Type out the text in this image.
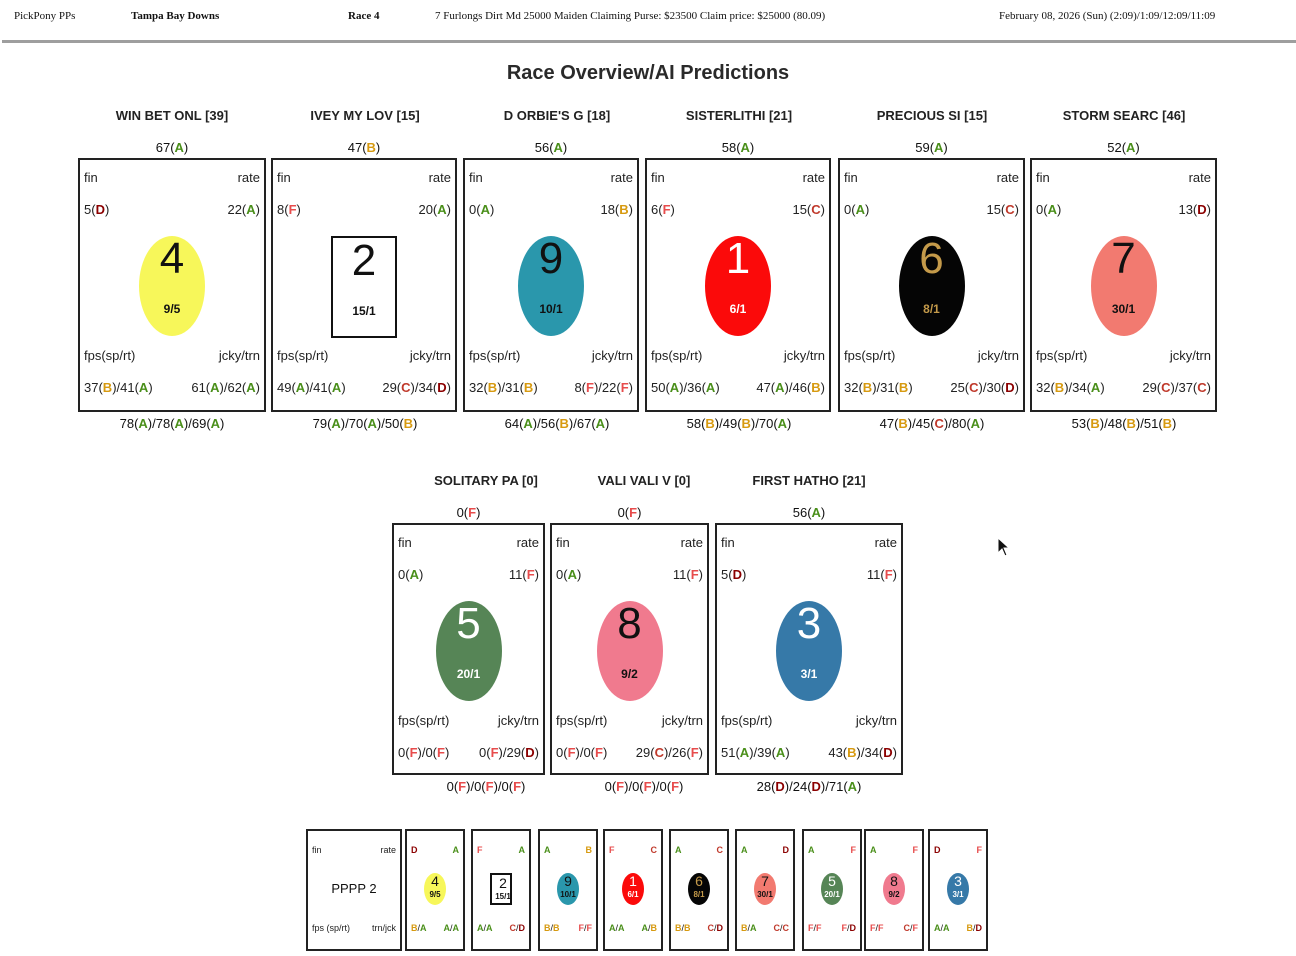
PickPony PPs	Tampa Bay Downs	Race 4	7 Furlongs Dirt Md 25000 Maiden Claiming Purse: $23500 Claim price: $25000 (80.09)	February 08, 2026 (Sun) (2:09)/1:09/12:09/11:09
Race Overview/AI Predictions
WIN BET ONL [39]
67(A)
fin	rate
5(D)	22(A)
4
9/5
fps(sp/rt)	jcky/trn
37(B)/41(A)	61(A)/62(A)
78(A)/78(A)/69(A)
IVEY MY LOV [15]
47(B)
fin	rate
8(F)	20(A)
2
15/1
fps(sp/rt)	jcky/trn
49(A)/41(A)	29(C)/34(D)
79(A)/70(A)/50(B)
D ORBIE'S G [18]
56(A)
fin	rate
0(A)	18(B)
9
10/1
fps(sp/rt)	jcky/trn
32(B)/31(B)	8(F)/22(F)
64(A)/56(B)/67(A)
SISTERLITHI [21]
58(A)
fin	rate
6(F)	15(C)
1
6/1
fps(sp/rt)	jcky/trn
50(A)/36(A)	47(A)/46(B)
58(B)/49(B)/70(A)
PRECIOUS SI [15]
59(A)
fin	rate
0(A)	15(C)
6
8/1
fps(sp/rt)	jcky/trn
32(B)/31(B)	25(C)/30(D)
47(B)/45(C)/80(A)
STORM SEARC [46]
52(A)
fin	rate
0(A)	13(D)
7
30/1
fps(sp/rt)	jcky/trn
32(B)/34(A)	29(C)/37(C)
53(B)/48(B)/51(B)
SOLITARY PA [0]
0(F)
fin	rate
0(A)	11(F)
5
20/1
fps(sp/rt)	jcky/trn
0(F)/0(F) 0(F)/29(D)
0(F)/0(F)/0(F)
VALI VALI V [0]
0(F)
fin	rate
0(A)	11(F)
8
9/2
fps(sp/rt)	jcky/trn
0(F)/0(F) 29(C)/26(F)
0(F)/0(F)/0(F)
FIRST HATHO [21]
56(A)
fin	rate
5(D)	11(F)
3
3/1
fps(sp/rt)	jcky/trn
51(A)/39(A)	43(B)/34(D)
28(D)/24(D)/71(A)
D	A
4
9/5
B/A A/A
F	A
2
15/1
A/A C/D
A	B
9
10/1
B/B F/F
F	C
1
6/1
A/A A/B
A	C
6
8/1
B/B C/D
A	D
7
30/1
B/A C/C
A	F
5
20/1
F/F F/D
A	F
8
9/2
F/F C/F
D	F
3
3/1
A/A B/D
fin	rate
PPPP 2
fps (sp/rt) trn/jck
